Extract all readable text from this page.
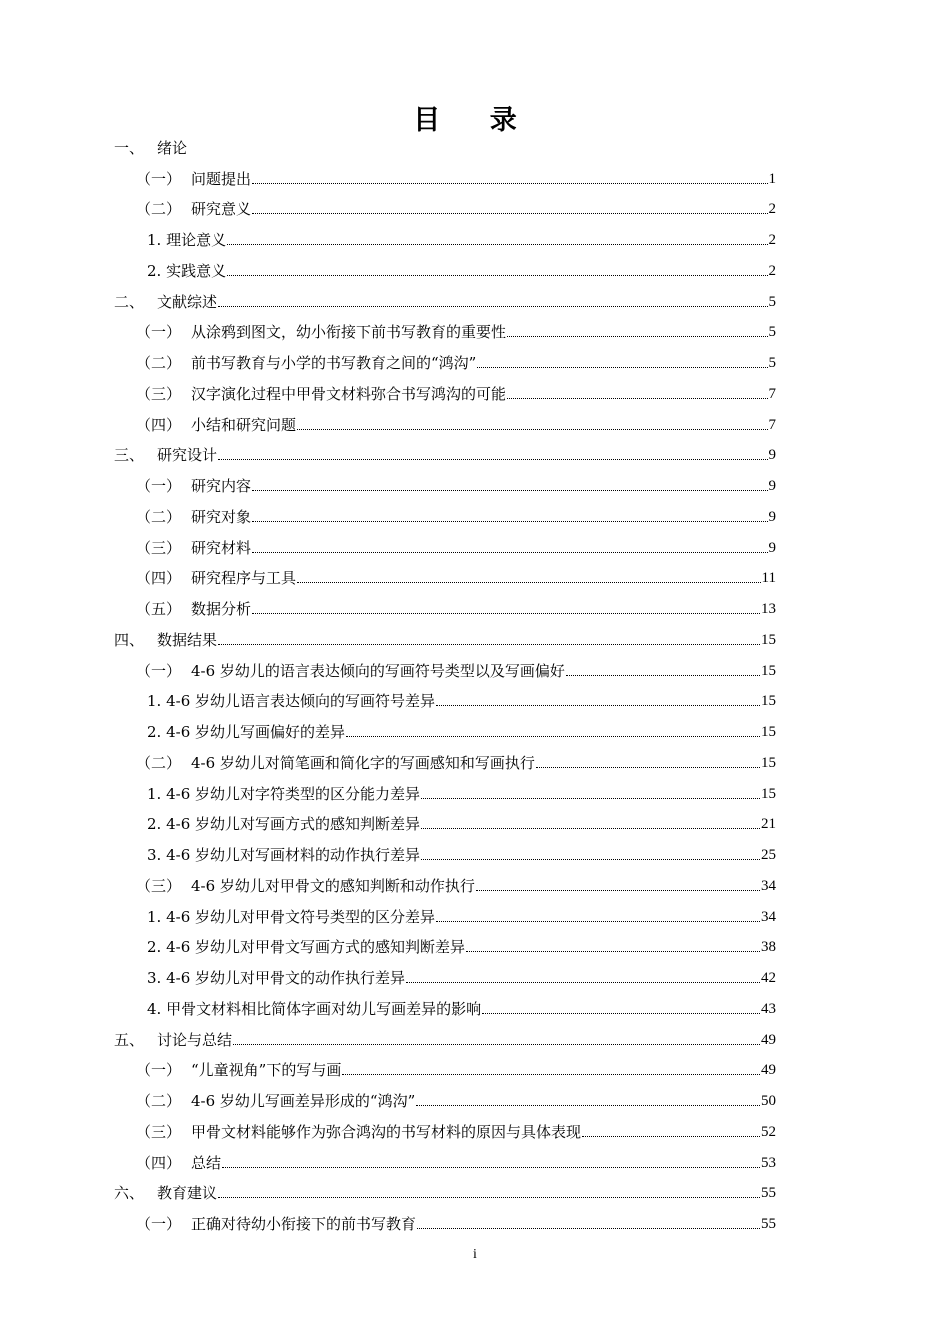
目 录
一、 绪论
（一） 问题提出	1
（二） 研究意义	2
1. 理论意义	2
2. 实践意义	2
二、 文献综述	5
（一） 从涂鸦到图文，幼小衔接下前书写教育的重要性	5
（二） 前书写教育与小学的书写教育之间的“鸿沟”	5
（三） 汉字演化过程中甲骨文材料弥合书写鸿沟的可能	7
（四） 小结和研究问题	7
三、 研究设计	9
（一） 研究内容	9
（二） 研究对象	9
（三） 研究材料	9
（四） 研究程序与工具	11
（五） 数据分析	13
四、 数据结果	15
（一） 4-6 岁幼儿的语言表达倾向的写画符号类型以及写画偏好	15
1. 4-6 岁幼儿语言表达倾向的写画符号差异	15
2. 4-6 岁幼儿写画偏好的差异	15
（二） 4-6 岁幼儿对简笔画和简化字的写画感知和写画执行	15
1. 4-6 岁幼儿对字符类型的区分能力差异	15
2. 4-6 岁幼儿对写画方式的感知判断差异	21
3. 4-6 岁幼儿对写画材料的动作执行差异	25
（三） 4-6 岁幼儿对甲骨文的感知判断和动作执行	34
1. 4-6 岁幼儿对甲骨文符号类型的区分差异	34
2. 4-6 岁幼儿对甲骨文写画方式的感知判断差异	38
3. 4-6 岁幼儿对甲骨文的动作执行差异	42
4. 甲骨文材料相比简体字画对幼儿写画差异的影响	43
五、 讨论与总结	49
（一） “儿童视角”下的写与画	49
（二） 4-6 岁幼儿写画差异形成的“鸿沟”	50
（三） 甲骨文材料能够作为弥合鸿沟的书写材料的原因与具体表现	52
（四） 总结	53
六、 教育建议	55
（一） 正确对待幼小衔接下的前书写教育	55
i
